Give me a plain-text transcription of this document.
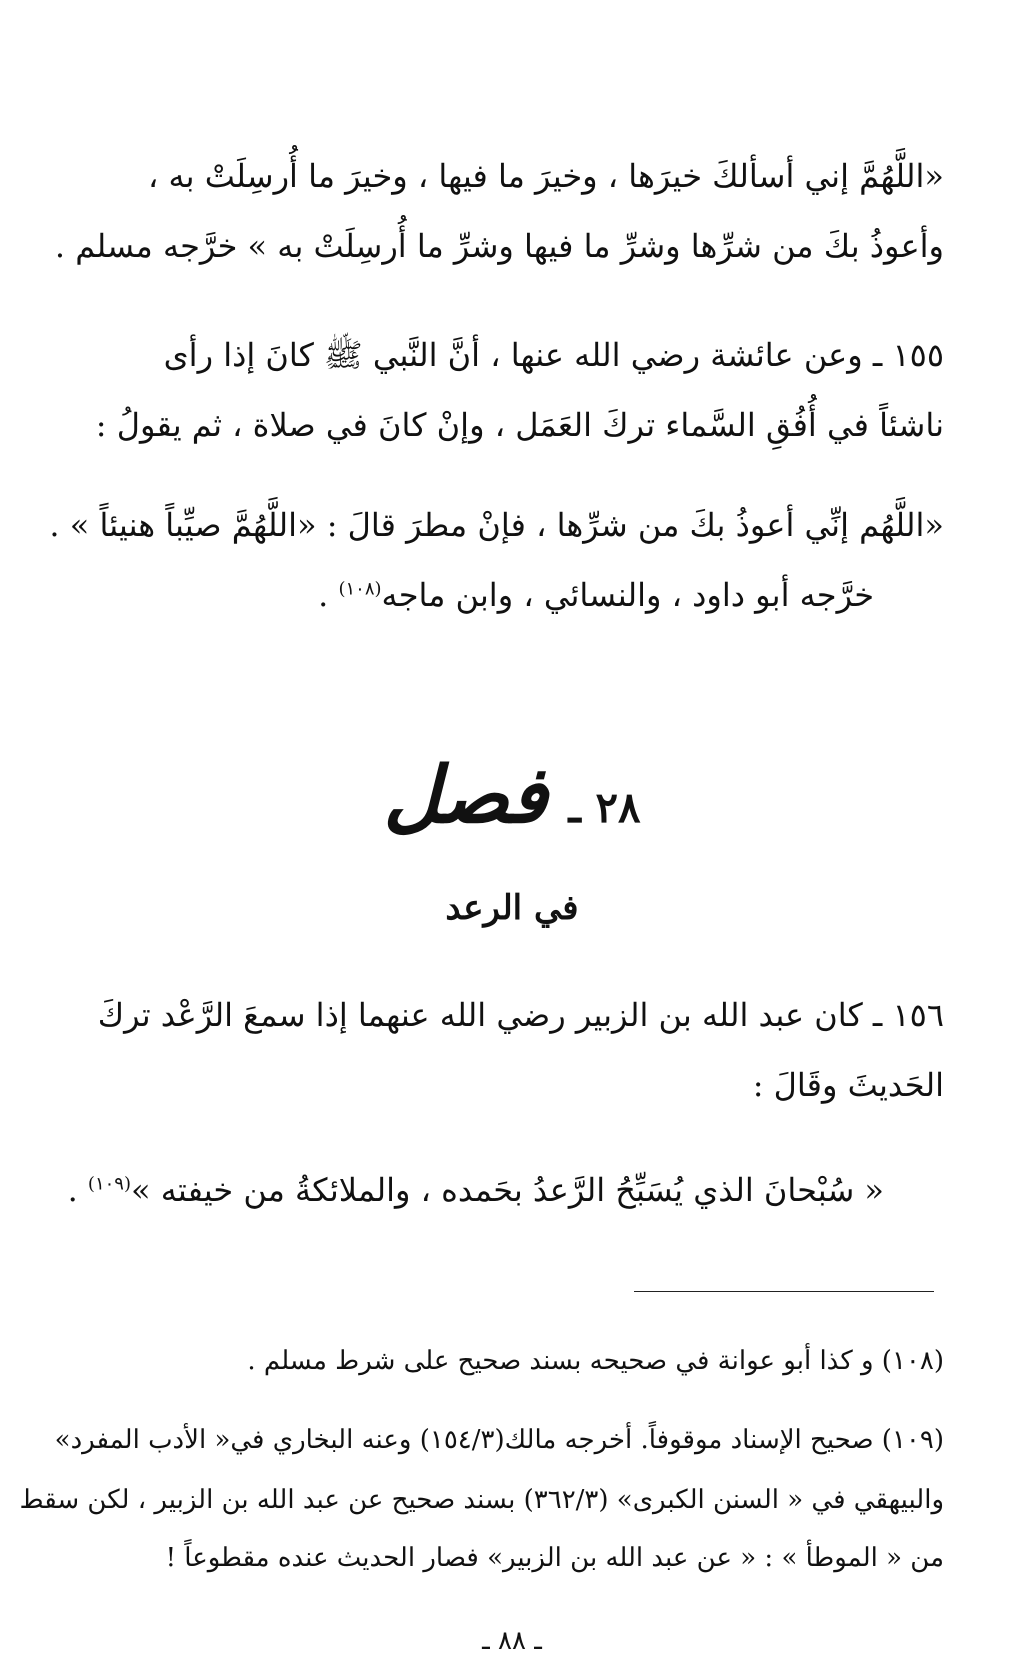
«اللَّهُمَّ إني أسألكَ خيرَها ، وخيرَ ما فيها ، وخيرَ ما أُرسِلَتْ به ،
وأعوذُ بكَ من شرِّها وشرِّ ما فيها وشرِّ ما أُرسِلَتْ به » خرَّجه مسلم .
١٥٥ ـ وعن عائشة رضي الله عنها ، أنَّ النَّبي ﷺ كانَ إذا رأى
ناشئاً في أُفُقِ السَّماء تركَ العَمَل ، وإنْ كانَ في صلاة ، ثم يقولُ :
«اللَّهُم إنِّي أعوذُ بكَ من شرِّها ، فإنْ مطرَ قالَ : «اللَّهُمَّ صيِّباً هنيئاً » .
خرَّجه أبو داود ، والنسائي ، وابن ماجه$^{(١٠٨)}$ .
٢٨ ـ فصل
في الرعد
١٥٦ ـ كان عبد الله بن الزبير رضي الله عنهما إذا سمعَ الرَّعْد تركَ
الحَديثَ وقَالَ :
« سُبْحانَ الذي يُسَبِّحُ الرَّعدُ بحَمده ، والملائكةُ من خيفته »$^{(١٠٩)}$ .
(١٠٨) و كذا أبو عوانة في صحيحه بسند صحيح على شرط مسلم .
(١٠٩) صحيح الإسناد موقوفاً. أخرجه مالك(١٥٤/٣) وعنه البخاري في« الأدب المفرد»
والبيهقي في « السنن الكبرى» (٣٦٢/٣) بسند صحيح عن عبد الله بن الزبير ، لكن سقط
من « الموطأ » : « عن عبد الله بن الزبير» فصار الحديث عنده مقطوعاً !
ـ ٨٨ ـ
